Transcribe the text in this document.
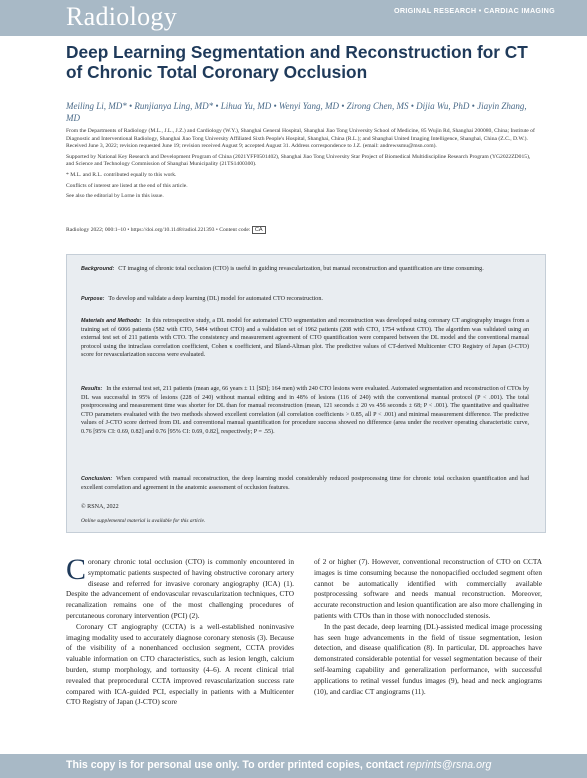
Radiology	ORIGINAL RESEARCH • CARDIAC IMAGING
Deep Learning Segmentation and Reconstruction for CT of Chronic Total Coronary Occlusion
Meiling Li, MD* • Runjianya Ling, MD* • Lihua Yu, MD • Wenyi Yang, MD • Zirong Chen, MS • Dijia Wu, PhD • Jiayin Zhang, MD

From the Departments of Radiology (M.L., J.L., J.Z.) and Cardiology (W.Y.), Shanghai General Hospital, Shanghai Jiao Tong University School of Medicine, 85 Wujin Rd, Shanghai 200080, China; Institute of Diagnostic and Interventional Radiology, Shanghai Jiao Tong University Affiliated Sixth People's Hospital, Shanghai, China (R.L.); and Shanghai United Imaging Intelligence, Shanghai, China (Z.C., D.W.). Received June 3, 2022; revision requested June 19; revision received August 9; accepted August 31. Address correspondence to J.Z. (email: andrewssmu@msn.com).

Supported by National Key Research and Development Program of China (2021YFF0501402), Shanghai Jiao Tong University Star Project of Biomedical Multidiscipline Research Program (YG2022ZD015), and Science and Technology Commission of Shanghai Municipality (21TS1400300).

* M.L. and R.L. contributed equally to this work.

Conflicts of interest are listed at the end of this article.

See also the editorial by Lorne in this issue.

Radiology 2022; 000:1–10 • https://doi.org/10.1148/radiol.221393 • Content code: CA
Background: CT imaging of chronic total occlusion (CTO) is useful in guiding revascularization, but manual reconstruction and quantification are time consuming.
Purpose: To develop and validate a deep learning (DL) model for automated CTO reconstruction.
Materials and Methods: In this retrospective study, a DL model for automated CTO segmentation and reconstruction was developed using coronary CT angiography images from a training set of 6066 patients (582 with CTO, 5484 without CTO) and a validation set of 1962 patients (208 with CTO, 1754 without CTO). The algorithm was validated using an external test set of 211 patients with CTO. The consistency and measurement agreement of CTO quantification were compared between the DL model and the conventional manual protocol using the intraclass correlation coefficient, Cohen κ coefficient, and Bland-Altman plot. The predictive values of CT-derived Multicenter CTO Registry of Japan (J-CTO) score for revascularization success were evaluated.
Results: In the external test set, 211 patients (mean age, 66 years ± 11 [SD]; 164 men) with 240 CTO lesions were evaluated. Automated segmentation and reconstruction of CTOs by DL was successful in 95% of lesions (228 of 240) without manual editing and in 48% of lesions (116 of 240) with the conventional manual protocol (P < .001). The total postprocessing and measurement time was shorter for DL than for manual reconstruction (mean, 121 seconds ± 20 vs 456 seconds ± 68; P < .001). The quantitative and qualitative CTO parameters evaluated with the two methods showed excellent correlation (all correlation coefficients > 0.85, all P < .001) and minimal measurement difference. The predictive values of J-CTO score derived from DL and conventional manual quantification for procedure success showed no difference (area under the receiver operating characteristic curve, 0.76 [95% CI: 0.69, 0.82] and 0.76 [95% CI: 0.69, 0.82], respectively; P = .55).
Conclusion: When compared with manual reconstruction, the deep learning model considerably reduced postprocessing time for chronic total occlusion quantification and had excellent correlation and agreement in the anatomic assessment of occlusion features.
© RSNA, 2022
Online supplemental material is available for this article.

Coronary chronic total occlusion (CTO) is commonly encountered in symptomatic patients suspected of having obstructive coronary artery disease and referred for invasive coronary angiography (ICA) (1). Despite the advancement of endovascular revascularization techniques, CTO recanalization remains one of the most challenging procedures of percutaneous coronary intervention (PCI) (2).

Coronary CT angiography (CCTA) is a well-established noninvasive imaging modality used to accurately diagnose coronary stenosis (3). Because of the visibility of a nonenhanced occlusion segment, CCTA provides valuable information on CTO characteristics, such as lesion length, calcium burden, stump morphology, and tortuosity (4–6). A recent clinical trial revealed that preprocedural CCTA improved revascularization success rate compared with ICA-guided PCI, especially in patients with a Multicenter CTO Registry of Japan (J-CTO) score

of 2 or higher (7). However, conventional reconstruction of CTO on CCTA images is time consuming because the nonopacified occluded segment often cannot be automatically identified with commercially available postprocessing software and needs manual reconstruction. Moreover, accurate reconstruction and lesion quantification are also more challenging in patients with CTOs than in those with nonoccluded stenosis.

In the past decade, deep learning (DL)-assisted medical image processing has seen huge advancements in the field of tissue segmentation, lesion detection, and disease qualification (8). In particular, DL approaches have demonstrated considerable potential for vessel segmentation because of their self-learning capability and generalization performance, with successful applications to retinal vessel fundus images (9), head and neck angiograms (10), and cardiac CT angiograms (11).

This copy is for personal use only. To order printed copies, contact reprints@rsna.org
